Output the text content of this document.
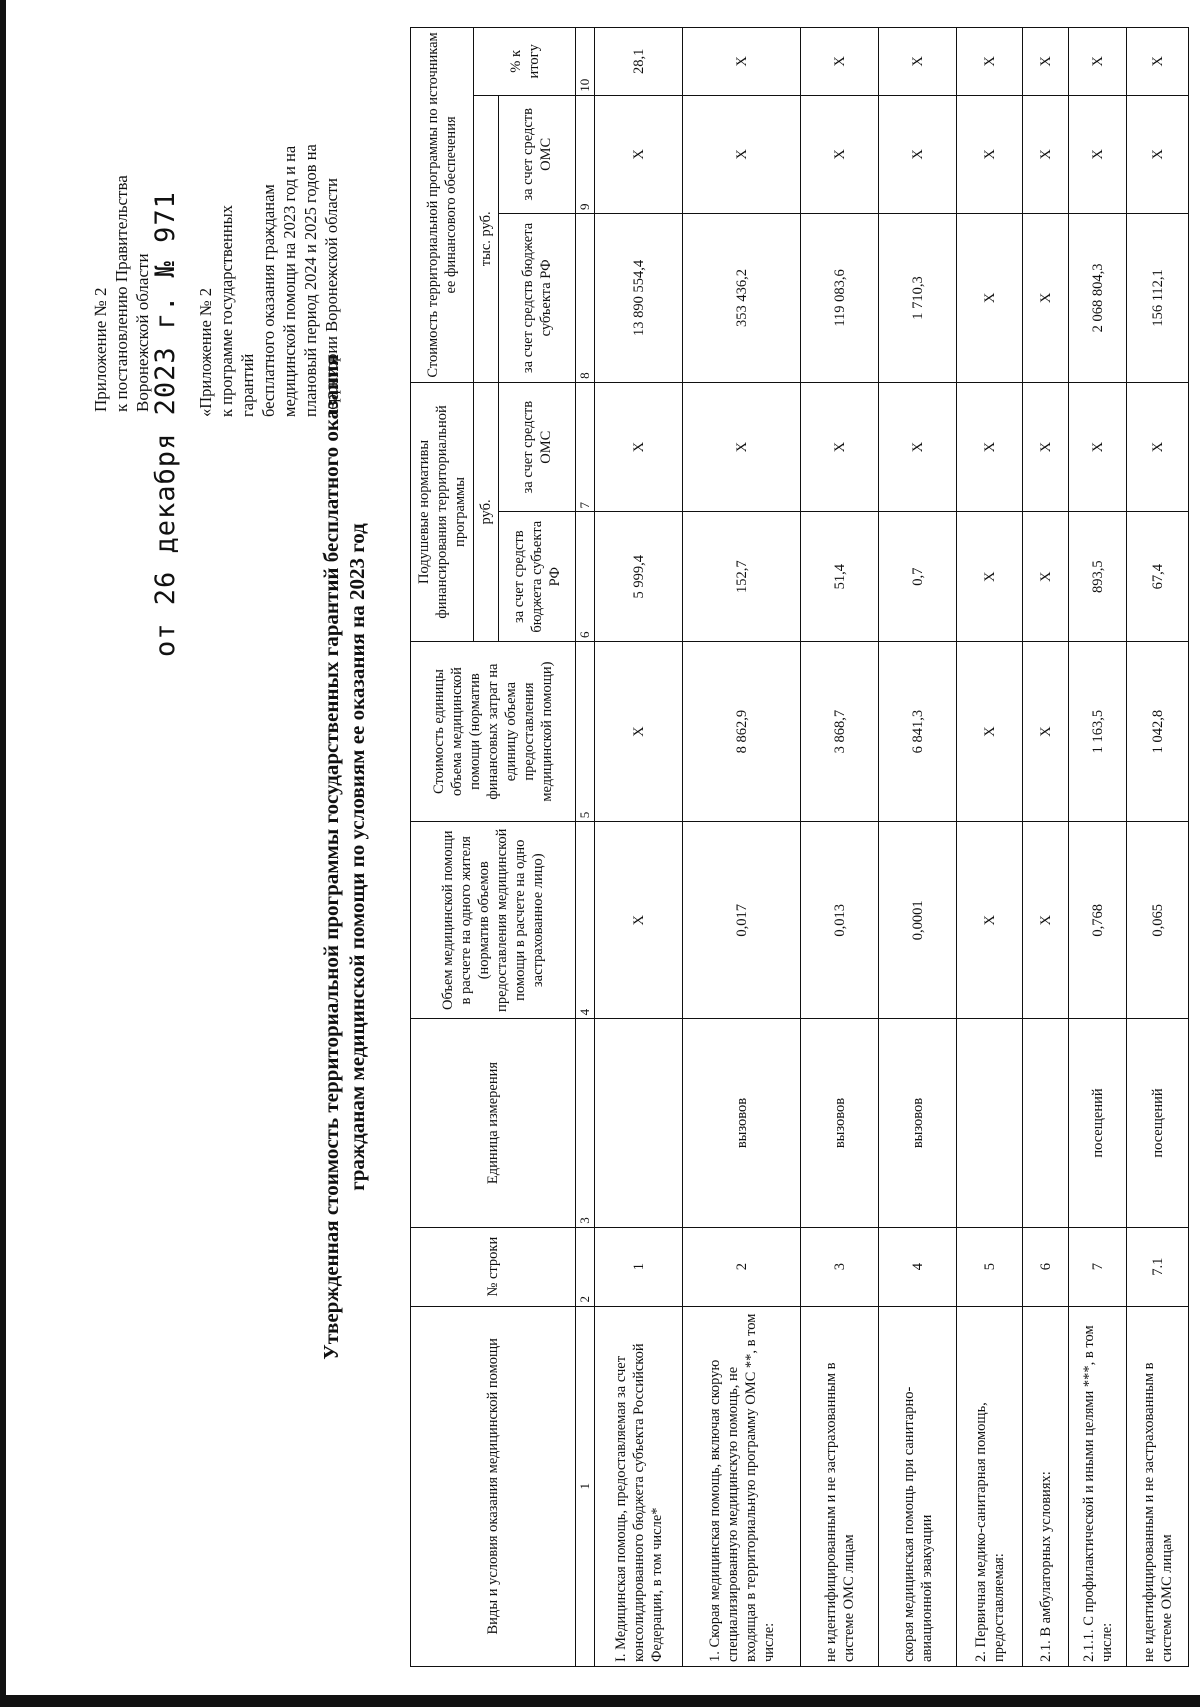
Приложение № 2 к постановлению Правительства Воронежской области
от 26 декабря 2023 г. № 971 «Приложение № 2 к программе государственных гарантий бесплатного оказания гражданам медицинской помощи на 2023 год и на плановый период 2024 и 2025 годов на территории Воронежской области
Утвержденная стоимость территориальной программы государственных гарантий бесплатного оказания гражданам медицинской помощи по условиям ее оказания на 2023 год
Виды и условия оказания медицинской помощи	№ строки	Единица измерения	Объем медицинской помощи в расчете на одного жителя (норматив объемов предоставления медицинской помощи в расчете на одно застрахованное лицо)	Стоимость единицы объема медицинской помощи (норматив финансовых затрат на единицу объема предоставления медицинской помощи)	Подушевые нормативы финансирования территориальной программы		Стоимость территориальной программы по источникам ее финансового обеспечения		
					руб.		тыс. руб.		% к итогу
					за счет средств бюджета субъекта РФ	за счет средств ОМС	за счет средств бюджета субъекта РФ	за счет средств ОМС	
1	2	3	4	5	6	7	8	9	10
I. Медицинская помощь, предоставляемая за счет консолидированного бюджета субъекта Российской Федерации, в том числе*	1		X	X	5 999,4	X	13 890 554,4	X	28,1
1. Скорая медицинская помощь, включая скорую специализированную медицинскую помощь, не входящая в территориальную программу ОМС **, в том числе:	2	вызовов	0,017	8 862,9	152,7	X	353 436,2	X	X
не идентифицированным и не застрахованным в системе ОМС лицам	3	вызовов	0,013	3 868,7	51,4	X	119 083,6	X	X
скорая медицинская помощь при санитарно-авиационной эвакуации	4	вызовов	0,0001	6 841,3	0,7	X	1 710,3	X	X
2. Первичная медико-санитарная помощь, предоставляемая:	5		X	X	X	X	X	X	X
2.1. В амбулаторных условиях:	6		X	X	X	X	X	X	X
2.1.1. С профилактической и иными целями ***, в том числе:	7	посещений	0,768	1 163,5	893,5	X	2 068 804,3	X	X
не идентифицированным и не застрахованным в системе ОМС лицам	7.1	посещений	0,065	1 042,8	67,4	X	156 112,1	X	X
